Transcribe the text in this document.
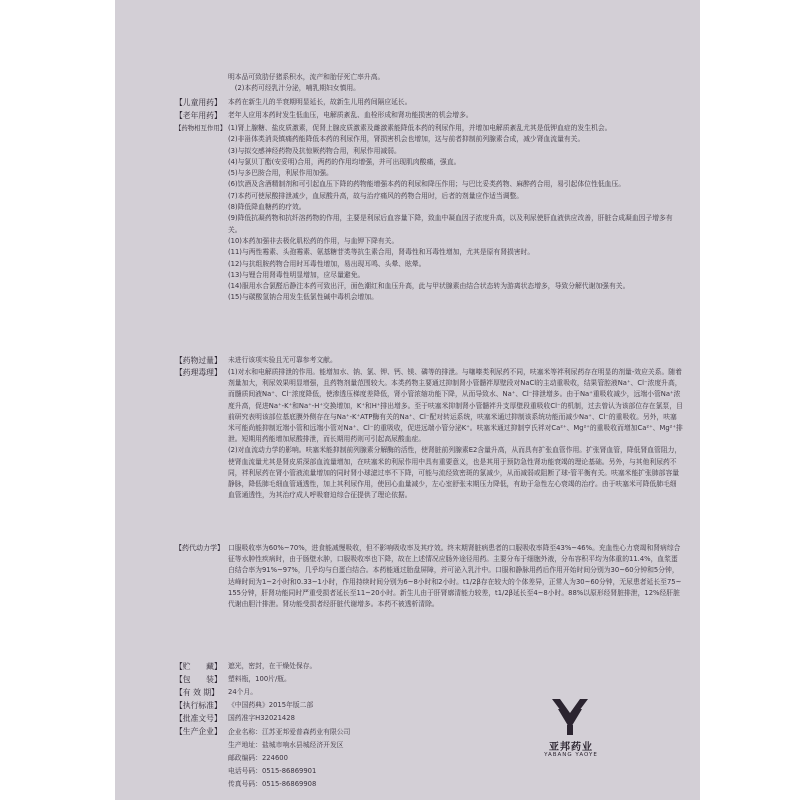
明本品可致肋仔猪系积水，流产和胎仔死亡率升高。
(2)本药可经乳汁分泌，哺乳期妇女慎用。
【儿童用药】 本药在新生儿的半衰期明显延长，故新生儿用药间隔应延长。
【老年用药】 老年人应用本药时发生低血压，电解质紊乱、血栓形成和肾功能损害的机会增多。
【药物相互作用】 (1)肾上腺糖、盐皮质激素，促肾上腺皮质激素及雌激素能降低本药的利尿作用，并增加电解质紊乱尤其是低钾血症的发生机会。
(2)非甾体类消炎镇痛药能降低本药的利尿作用，肾损害机会也增加，这与前者抑制前列腺素合成，减少肾血流量有关。
(3)与拟交感神经药物及抗惊厥药物合用，利尿作用减弱。
(4)与氯贝丁酯(安妥明)合用，两药的作用均增强，并可出现肌肉酸痛，强直。
(5)与多巴胺合用，利尿作用加强。
(6)饮酒及含酒精制剂和可引起血压下降的药物能增强本药的利尿和降压作用；与巴比妥类药物、麻醉药合用，易引起体位性低血压。
(7)本药可使尿酸排泄减少，血尿酸升高，故与治疗痛风的药物合用时，后者的剂量应作适当调整。
(8)降低降血糖药的疗效。
(9)降低抗凝药物和抗纤溶药物的作用，主要是利尿后血容量下降，致血中凝血因子浓度升高，以及利尿使肝血液供应改善，肝脏合成凝血因子增多有关。
(10)本药加强非去极化肌松药的作用，与血钾下降有关。
(11)与两性霉素、头孢霉素、氨基糖苷类等抗生素合用，肾毒性和耳毒性增加，尤其是原有肾损害时。
(12)与抗组胺药物合用时耳毒性增加，易出现耳鸣、头晕、眩晕。
(13)与锂合用肾毒性明显增加，应尽量避免。
(14)服用水合氯醛后静注本药可致出汗，面色潮红和血压升高，此与甲状腺素由结合状态转为游离状态增多，导致分解代谢加强有关。
(15)与碳酸氢钠合用发生低氯性碱中毒机会增加。
【药物过量】 未进行该项实验且无可靠参考文献。
【药理毒理】 (1)对水和电解质排泄的作用。能增加水、钠、氯、钾、钙、镁、磷等的排泄。与噻嗪类利尿药不同，呋塞米等袢利尿药存在明显的剂量-效应关系。随着剂量加大，利尿效果明显增强，且药物剂量范围较大。本类药物主要通过抑制肾小管髓袢厚壁段对NaCl的主动重吸收，结果管腔液Na⁺、Cl⁻浓度升高，而髓质间液Na⁺、Cl⁻浓度降低，使渗透压梯度差降低，肾小管浓缩功能下降，从而导致水、Na⁺、Cl⁻排泄增多。由于Na⁺重吸收减少，远端小管Na⁺浓度升高，促进Na⁺-K⁺和Na⁺-H⁺交换增加，K⁺和H⁺排出增多。至于呋塞米抑制肾小管髓袢升支厚壁段重吸收Cl⁻的机制，过去曾认为该部位存在氯泵，目前研究表明该部位基底膜外侧存在与Na⁺-K⁺ATP酶有关的Na⁺、Cl⁻配对转运系统，呋塞米通过抑制该系统功能而减少Na⁺、Cl⁻的重吸收。另外，呋塞米可能尚能抑制近端小管和远端小管对Na⁺、Cl⁻的重吸收，促进远端小管分泌K⁺。呋塞米通过抑制亨氏袢对Ca²⁺、Mg²⁺的重吸收而增加Ca²⁺、Mg²⁺排泄。短期用药能增加尿酸排泄，而长期用药则可引起高尿酸血症。
(2)对血流动力学的影响。呋塞米能抑制前列腺素分解酶的活性，使肾脏前列腺素E2含量升高，从而具有扩张血管作用。扩张肾血管，降低肾血管阻力，使肾血流量尤其是肾皮质深部血流量增加，在呋塞米的利尿作用中具有重要意义，也是其用于预防急性肾功能衰竭的理论基础。另外，与其他利尿药不同，袢利尿药在肾小管液流量增加的同时肾小球滤过率不下降，可能与流经致密斑的氯减少，从而减弱或阻断了球-管平衡有关。呋塞米能扩张肺部容量静脉，降低肺毛细血管通透性，加上其利尿作用，使回心血量减少，左心室舒张末期压力降低，有助于急性左心衰竭的治疗。由于呋塞米可降低肺毛细血管通透性，为其治疗成人呼吸窘迫综合征提供了理论依据。
【药代动力学】 口服吸收率为60%~70%，进食能减慢吸收，但不影响吸收率及其疗效。终末期肾脏病患者的口服吸收率降至43%~46%。充血性心力衰竭和肾病综合征等水肿性疾病时，由于肠壁水肿，口服吸收率也下降，故在上述情况应肠外途径用药。主要分布于细胞外液，分布容积平均为体重的11.4%，血浆蛋白结合率为91%~97%，几乎均与白蛋白结合。本药能通过胎盘屏障，并可泌入乳汁中。口服和静脉用药后作用开始时间分别为30~60分钟和5分钟，达峰时间为1~2小时和0.33~1小时，作用持续时间分别为6~8小时和2小时。t1/2β存在较大的个体差异，正常人为30~60分钟，无尿患者延长至75~155分钟，肝肾功能同时严重受损者延长至11~20小时。新生儿由于肝肾廓清能力较差，t1/2β延长至4~8小时。88%以原形经肾脏排泄，12%经肝脏代谢由胆汁排泄。肾功能受损者经肝脏代谢增多。本药不被透析清除。
【贮　　藏】 遮光，密封，在干燥处保存。
【包　　装】 塑料瓶，100片/瓶。
【有 效 期】	24个月。
【执行标准】 《中国药典》2015年版二部
【批准文号】 国药准字H32021428
【生产企业】 企业名称：江苏亚邦爱普森药业有限公司
生产地址：盐城市响水县城经济开发区
邮政编码：224600
电话号码：0515-86869901
传真号码：0515-86869908
亚邦药业
YABANG YAOYE
